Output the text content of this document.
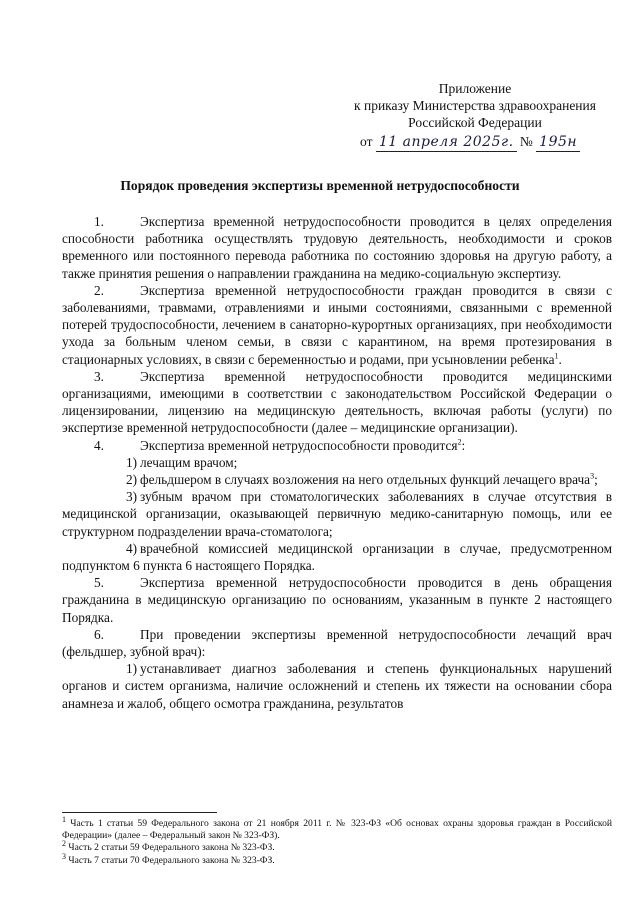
Приложение
к приказу Министерства здравоохранения
Российской Федерации
от 11 апреля 2025г. № 195н
Порядок проведения экспертизы временной нетрудоспособности

1.	Экспертиза временной нетрудоспособности проводится в целях определения способности работника осуществлять трудовую деятельность, необходимости и сроков временного или постоянного перевода работника по состоянию здоровья на другую работу, а также принятия решения о направлении гражданина на медико-социальную экспертизу.

2.	Экспертиза временной нетрудоспособности граждан проводится в связи с заболеваниями, травмами, отравлениями и иными состояниями, связанными с временной потерей трудоспособности, лечением в санаторно-курортных организациях, при необходимости ухода за больным членом семьи, в связи с карантином, на время протезирования в стационарных условиях, в связи с беременностью и родами, при усыновлении ребенка$^1$.

3.	Экспертиза временной нетрудоспособности проводится медицинскими организациями, имеющими в соответствии с законодательством Российской Федерации о лицензировании, лицензию на медицинскую деятельность, включая работы (услуги) по экспертизе временной нетрудоспособности (далее – медицинские организации).

4.	Экспертиза временной нетрудоспособности проводится$^2$:

1) лечащим врачом;

2) фельдшером в случаях возложения на него отдельных функций лечащего врача$^3$;

3) зубным врачом при стоматологических заболеваниях в случае отсутствия в медицинской организации, оказывающей первичную медико-санитарную помощь, или ее структурном подразделении врача-стоматолога;

4) врачебной комиссией медицинской организации в случае, предусмотренном подпунктом 6 пункта 6 настоящего Порядка.

5.	Экспертиза временной нетрудоспособности проводится в день обращения гражданина в медицинскую организацию по основаниям, указанным в пункте 2 настоящего Порядка.

6.	При проведении экспертизы временной нетрудоспособности лечащий врач (фельдшер, зубной врач):

1) устанавливает диагноз заболевания и степень функциональных нарушений органов и систем организма, наличие осложнений и степень их тяжести на основании сбора анамнеза и жалоб, общего осмотра гражданина, результатов

$^1$ Часть 1 статьи 59 Федерального закона от 21 ноября 2011 г. № 323-ФЗ «Об основах охраны здоровья граждан в Российской Федерации» (далее – Федеральный закон № 323-ФЗ).

$^2$ Часть 2 статьи 59 Федерального закона № 323-ФЗ.

$^3$ Часть 7 статьи 70 Федерального закона № 323-ФЗ.
